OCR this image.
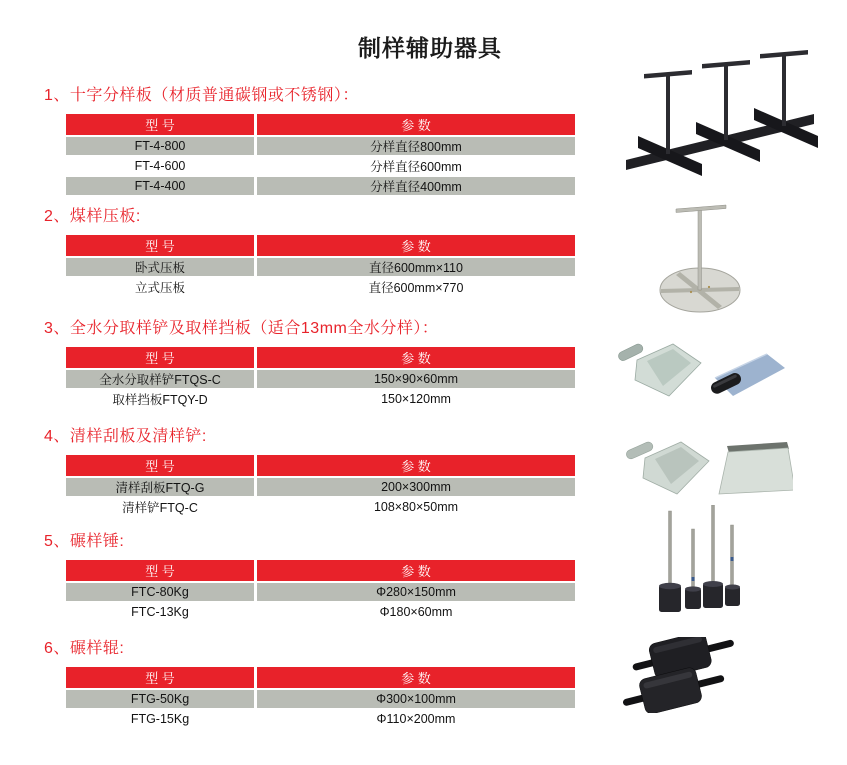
制样辅助器具
1、十字分样板（材质普通碳钢或不锈钢）：
型 号	参 数
FT-4-800	分样直径800mm
FT-4-600	分样直径600mm
FT-4-400	分样直径400mm
2、煤样压板:
型 号	参 数
卧式压板	直径600mm×110
立式压板	直径600mm×770
3、全水分取样铲及取样挡板（适合13mm全水分样）：
型 号	参 数
全水分取样铲FTQS-C	150×90×60mm
取样挡板FTQY-D	150×120mm
4、清样刮板及清样铲:
型 号	参 数
清样刮板FTQ-G	200×300mm
清样铲FTQ-C	108×80×50mm
5、碾样锤:
型 号	参 数
FTC-80Kg	Φ280×150mm
FTC-13Kg	Φ180×60mm
6、碾样辊:
型 号	参 数
FTG-50Kg	Φ300×100mm
FTG-15Kg	Φ110×200mm
